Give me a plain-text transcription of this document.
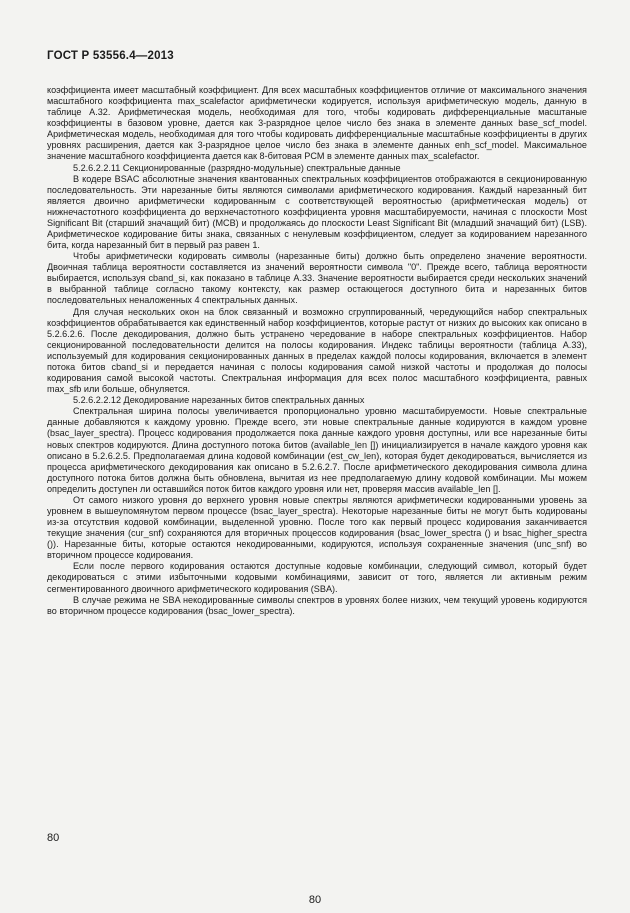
ГОСТ Р 53556.4—2013

коэффициента имеет масштабный коэффициент. Для всех масштабных коэффициентов отличие от максимального значения масштабного коэффициента max_scalefactor арифметически кодируется, используя арифметическую модель, данную в таблице А.32. Арифметическая модель, необходимая для того, чтобы кодировать дифференциальные масштаные коэффициенты в базовом уровне, дается как 3-разрядное целое число без знака в элементе данных base_scf_model. Арифметическая модель, необходимая для того чтобы кодировать дифференциальные масштабные коэффициенты в других уровнях расширения, дается как 3-разрядное целое число без знака в элементе данных enh_scf_model. Максимальное значение масштабного коэффициента дается как 8-битовая PCM в элементе данных max_scalefactor.

5.2.6.2.2.11 Секционированные (разрядно-модульные) спектральные данные

В кодере BSAC абсолютные значения квантованных спектральных коэффициентов отображаются в секционированную последовательность. Эти нарезанные биты являются символами арифметического кодирования. Каждый нарезанный бит является двоично арифметически кодированным с соответствующей вероятностью (арифметическая модель) от нижнечастотного коэффициента до верхнечастотного коэффициента уровня масштабируемости, начиная с плоскости Most Significant Bit (старший значащий бит) (MCB) и продолжаясь до плоскости Least Significant Bit (младший значащий бит) (LSB). Арифметическое кодирование биты знака, связанных с ненулевым коэффициентом, следует за кодированием нарезанного бита, когда нарезанный бит в первый раз равен 1.

Чтобы арифметически кодировать символы (нарезанные биты) должно быть определено значение вероятности. Двоичная таблица вероятности составляется из значений вероятности символа "0". Прежде всего, таблица вероятности выбирается, используя cband_si, как показано в таблице А.33. Значение вероятности выбирается среди нескольких значений в выбранной таблице согласно такому контексту, как размер остающегося доступного бита и нарезанных битов последовательных неналоженных 4 спектральных данных.

Для случая нескольких окон на блок связанный и возможно сгруппированный, чередующийся набор спектральных коэффициентов обрабатывается как единственный набор коэффициентов, которые растут от низких до высоких как описано в 5.2.6.2.6. После декодирования, должно быть устранено чередование в наборе спектральных коэффициентов. Набор секционированной последовательности делится на полосы кодирования. Индекс таблицы вероятности (таблица А.33), используемый для кодирования секционированных данных в пределах каждой полосы кодирования, включается в элемент потока битов cband_si и передается начиная с полосы кодирования самой низкой частоты и продолжая до полосы кодирования самой высокой частоты. Спектральная информация для всех полос масштабного коэффициента, равных max_sfb или больше, обнуляется.

5.2.6.2.2.12 Декодирование нарезанных битов спектральных данных

Спектральная ширина полосы увеличивается пропорционально уровню масштабируемости. Новые спектральные данные добавляются к каждому уровню. Прежде всего, эти новые спектральные данные кодируются в каждом уровне (bsac_layer_spectra). Процесс кодирования продолжается пока данные каждого уровня доступны, или все нарезанные биты новых спектров кодируются. Длина доступного потока битов (available_len []) инициализируется в начале каждого уровня как описано в 5.2.6.2.5. Предполагаемая длина кодовой комбинации (est_cw_len), которая будет декодироваться, вычисляется из процесса арифметического декодирования как описано в 5.2.6.2.7. После арифметического декодирования символа длина доступного потока битов должна быть обновлена, вычитая из нее предполагаемую длину кодовой комбинации. Мы можем определить доступен ли оставшийся поток битов каждого уровня или нет, проверяя массив available_len [].

От самого низкого уровня до верхнего уровня новые спектры являются арифметически кодированными уровень за уровнем в вышеупомянутом первом процессе (bsac_layer_spectra). Некоторые нарезанные биты не могут быть кодированы из-за отсутствия кодовой комбинации, выделенной уровню. После того как первый процесс кодирования заканчивается текущие значения (cur_snf) сохраняются для вторичных процессов кодирования (bsac_lower_spectra () и bsac_higher_spectra ()). Нарезанные биты, которые остаются некодированными, кодируются, используя сохраненные значения (unc_snf) во вторичном процессе кодирования.

Если после первого кодирования остаются доступные кодовые комбинации, следующий символ, который будет декодироваться с этими избыточными кодовыми комбинациями, зависит от того, является ли активным режим сегментированного двоичного арифметического кодирования (SBA).

В случае режима не SBA некодированные символы спектров в уровнях более низких, чем текущий уровень кодируются во вторичном процессе кодирования (bsac_lower_spectra).

80
80
